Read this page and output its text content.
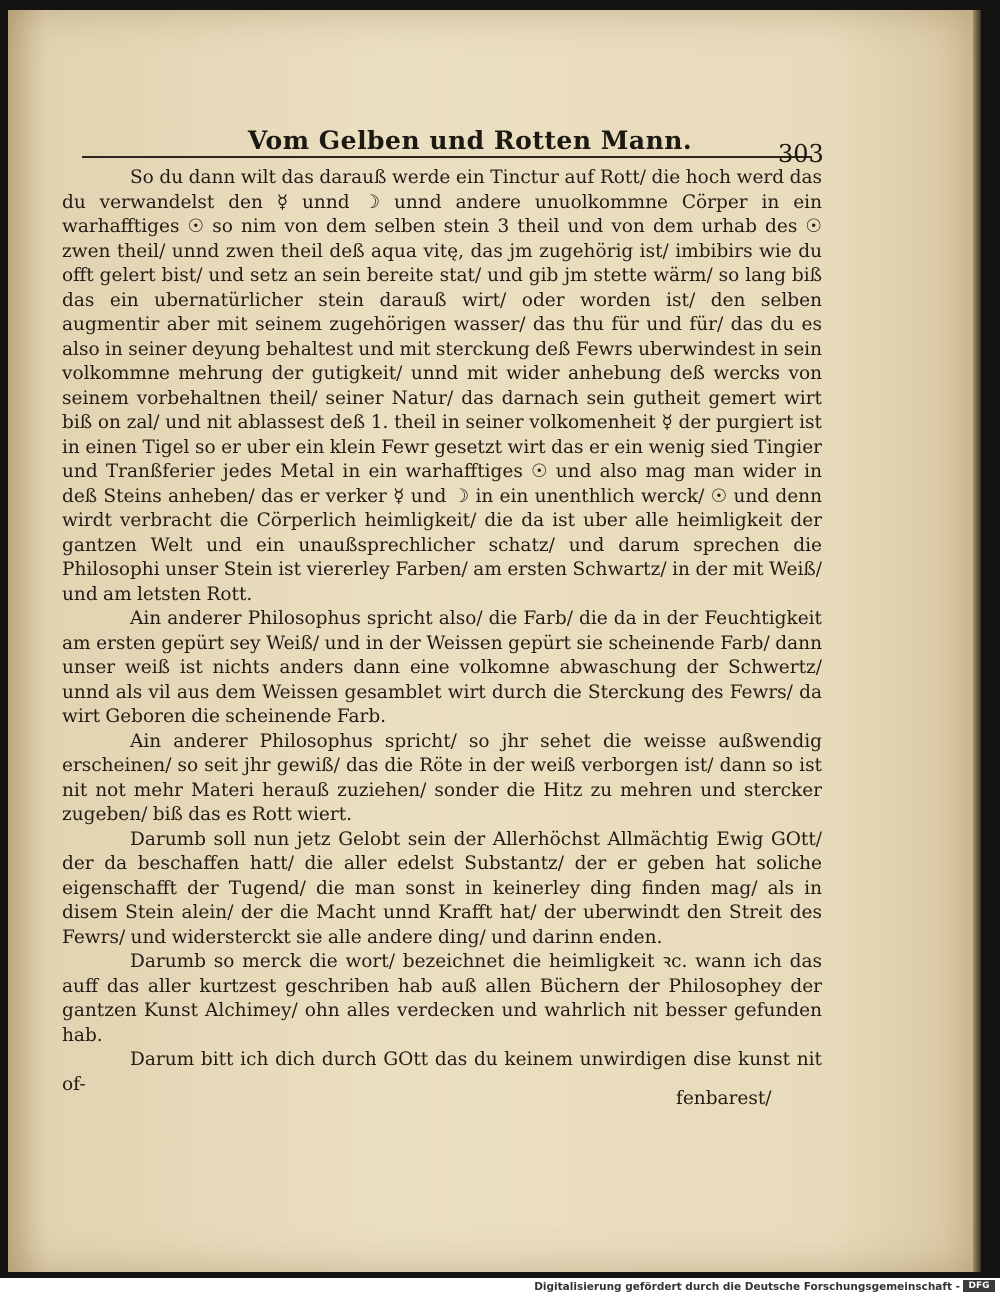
Vom Gelben und Rotten Mann.	303

So du dann wilt das darauß werde ein Tinctur auf Rott/ die hoch werd das du verwandelst den ☿ unnd ☽ unnd andere unuolkommne Cörper in ein warhafftiges ☉ so nim von dem selben stein 3 theil und von dem urhab des ☉ zwen theil/ unnd zwen theil deß aqua vitę, das jm zugehörig ist/ imbibirs wie du offt gelert bist/ und setz an sein bereite stat/ und gib jm stette wärm/ so lang biß das ein ubernatürlicher stein darauß wirt/ oder worden ist/ den selben augmentir aber mit seinem zugehörigen wasser/ das thu für und für/ das du es also in seiner deyung behaltest und mit sterckung deß Fewrs uberwindest in sein volkommne mehrung der gutigkeit/ unnd mit wider anhebung deß wercks von seinem vorbehaltnen theil/ seiner Natur/ das darnach sein gutheit gemert wirt biß on zal/ und nit ablassest deß 1. theil in seiner volkomenheit ☿ der purgiert ist in einen Tigel so er uber ein klein Fewr gesetzt wirt das er ein wenig sied Tingier und Tranßferier jedes Metal in ein warhafftiges ☉ und also mag man wider in deß Steins anheben/ das er verker ☿ und ☽ in ein unenthlich werck/ ☉ und denn wirdt verbracht die Cörperlich heimligkeit/ die da ist uber alle heimligkeit der gantzen Welt und ein unaußsprechlicher schatz/ und darum sprechen die Philosophi unser Stein ist viererley Farben/ am ersten Schwartz/ in der mit Weiß/ und am letsten Rott.

Ain anderer Philosophus spricht also/ die Farb/ die da in der Feuchtigkeit am ersten gepürt sey Weiß/ und in der Weissen gepürt sie scheinende Farb/ dann unser weiß ist nichts anders dann eine volkomne abwaschung der Schwertz/ unnd als vil aus dem Weissen gesamblet wirt durch die Sterckung des Fewrs/ da wirt Geboren die scheinende Farb.

Ain anderer Philosophus spricht/ so jhr sehet die weisse außwendig erscheinen/ so seit jhr gewiß/ das die Röte in der weiß verborgen ist/ dann so ist nit not mehr Materi herauß zuziehen/ sonder die Hitz zu mehren und stercker zugeben/ biß das es Rott wiert.

Darumb soll nun jetz Gelobt sein der Allerhöchst Allmächtig Ewig GOtt/ der da beschaffen hatt/ die aller edelst Substantz/ der er geben hat soliche eigenschafft der Tugend/ die man sonst in keinerley ding finden mag/ als in disem Stein alein/ der die Macht unnd Krafft hat/ der uberwindt den Streit des Fewrs/ und widersterckt sie alle andere ding/ und darinn enden.

Darumb so merck die wort/ bezeichnet die heimligkeit ꝛc. wann ich das auff das aller kurtzest geschriben hab auß allen Büchern der Philosophey der gantzen Kunst Alchimey/ ohn alles verdecken und wahrlich nit besser gefunden hab.

Darum bitt ich dich durch GOtt das du keinem unwirdigen dise kunst nit of-

fenbarest/
Digitalisierung gefördert durch die Deutsche Forschungsgemeinschaft - DFG
